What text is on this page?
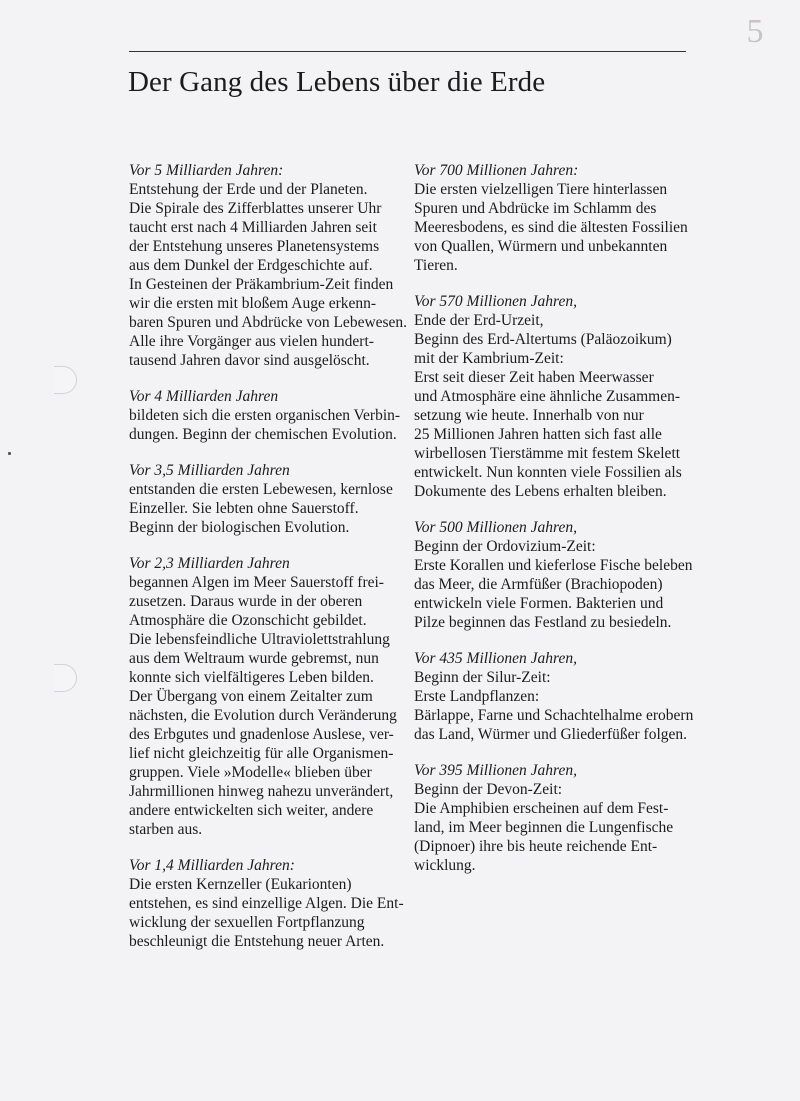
5
Der Gang des Lebens über die Erde
Vor 5 Milliarden Jahren:
Entstehung der Erde und der Planeten.
Die Spirale des Zifferblattes unserer Uhr
taucht erst nach 4 Milliarden Jahren seit
der Entstehung unseres Planetensystems
aus dem Dunkel der Erdgeschichte auf.
In Gesteinen der Präkambrium-Zeit finden
wir die ersten mit bloßem Auge erkenn-
baren Spuren und Abdrücke von Lebewesen.
Alle ihre Vorgänger aus vielen hundert-
tausend Jahren davor sind ausgelöscht.
Vor 4 Milliarden Jahren
bildeten sich die ersten organischen Verbin-
dungen. Beginn der chemischen Evolution.
Vor 3,5 Milliarden Jahren
entstanden die ersten Lebewesen, kernlose
Einzeller. Sie lebten ohne Sauerstoff.
Beginn der biologischen Evolution.
Vor 2,3 Milliarden Jahren
begannen Algen im Meer Sauerstoff frei-
zusetzen. Daraus wurde in der oberen
Atmosphäre die Ozonschicht gebildet.
Die lebensfeindliche Ultraviolettstrahlung
aus dem Weltraum wurde gebremst, nun
konnte sich vielfältigeres Leben bilden.
Der Übergang von einem Zeitalter zum
nächsten, die Evolution durch Veränderung
des Erbgutes und gnadenlose Auslese, ver-
lief nicht gleichzeitig für alle Organismen-
gruppen. Viele »Modelle« blieben über
Jahrmillionen hinweg nahezu unverändert,
andere entwickelten sich weiter, andere
starben aus.
Vor 1,4 Milliarden Jahren:
Die ersten Kernzeller (Eukarionten)
entstehen, es sind einzellige Algen. Die Ent-
wicklung der sexuellen Fortpflanzung
beschleunigt die Entstehung neuer Arten.
Vor 700 Millionen Jahren:
Die ersten vielzelligen Tiere hinterlassen
Spuren und Abdrücke im Schlamm des
Meeresbodens, es sind die ältesten Fossilien
von Quallen, Würmern und unbekannten
Tieren.
Vor 570 Millionen Jahren,
Ende der Erd-Urzeit,
Beginn des Erd-Altertums (Paläozoikum)
mit der Kambrium-Zeit:
Erst seit dieser Zeit haben Meerwasser
und Atmosphäre eine ähnliche Zusammen-
setzung wie heute. Innerhalb von nur
25 Millionen Jahren hatten sich fast alle
wirbellosen Tierstämme mit festem Skelett
entwickelt. Nun konnten viele Fossilien als
Dokumente des Lebens erhalten bleiben.
Vor 500 Millionen Jahren,
Beginn der Ordovizium-Zeit:
Erste Korallen und kieferlose Fische beleben
das Meer, die Armfüßer (Brachiopoden)
entwickeln viele Formen. Bakterien und
Pilze beginnen das Festland zu besiedeln.
Vor 435 Millionen Jahren,
Beginn der Silur-Zeit:
Erste Landpflanzen:
Bärlappe, Farne und Schachtelhalme erobern
das Land, Würmer und Gliederfüßer folgen.
Vor 395 Millionen Jahren,
Beginn der Devon-Zeit:
Die Amphibien erscheinen auf dem Fest-
land, im Meer beginnen die Lungenfische
(Dipnoer) ihre bis heute reichende Ent-
wicklung.
